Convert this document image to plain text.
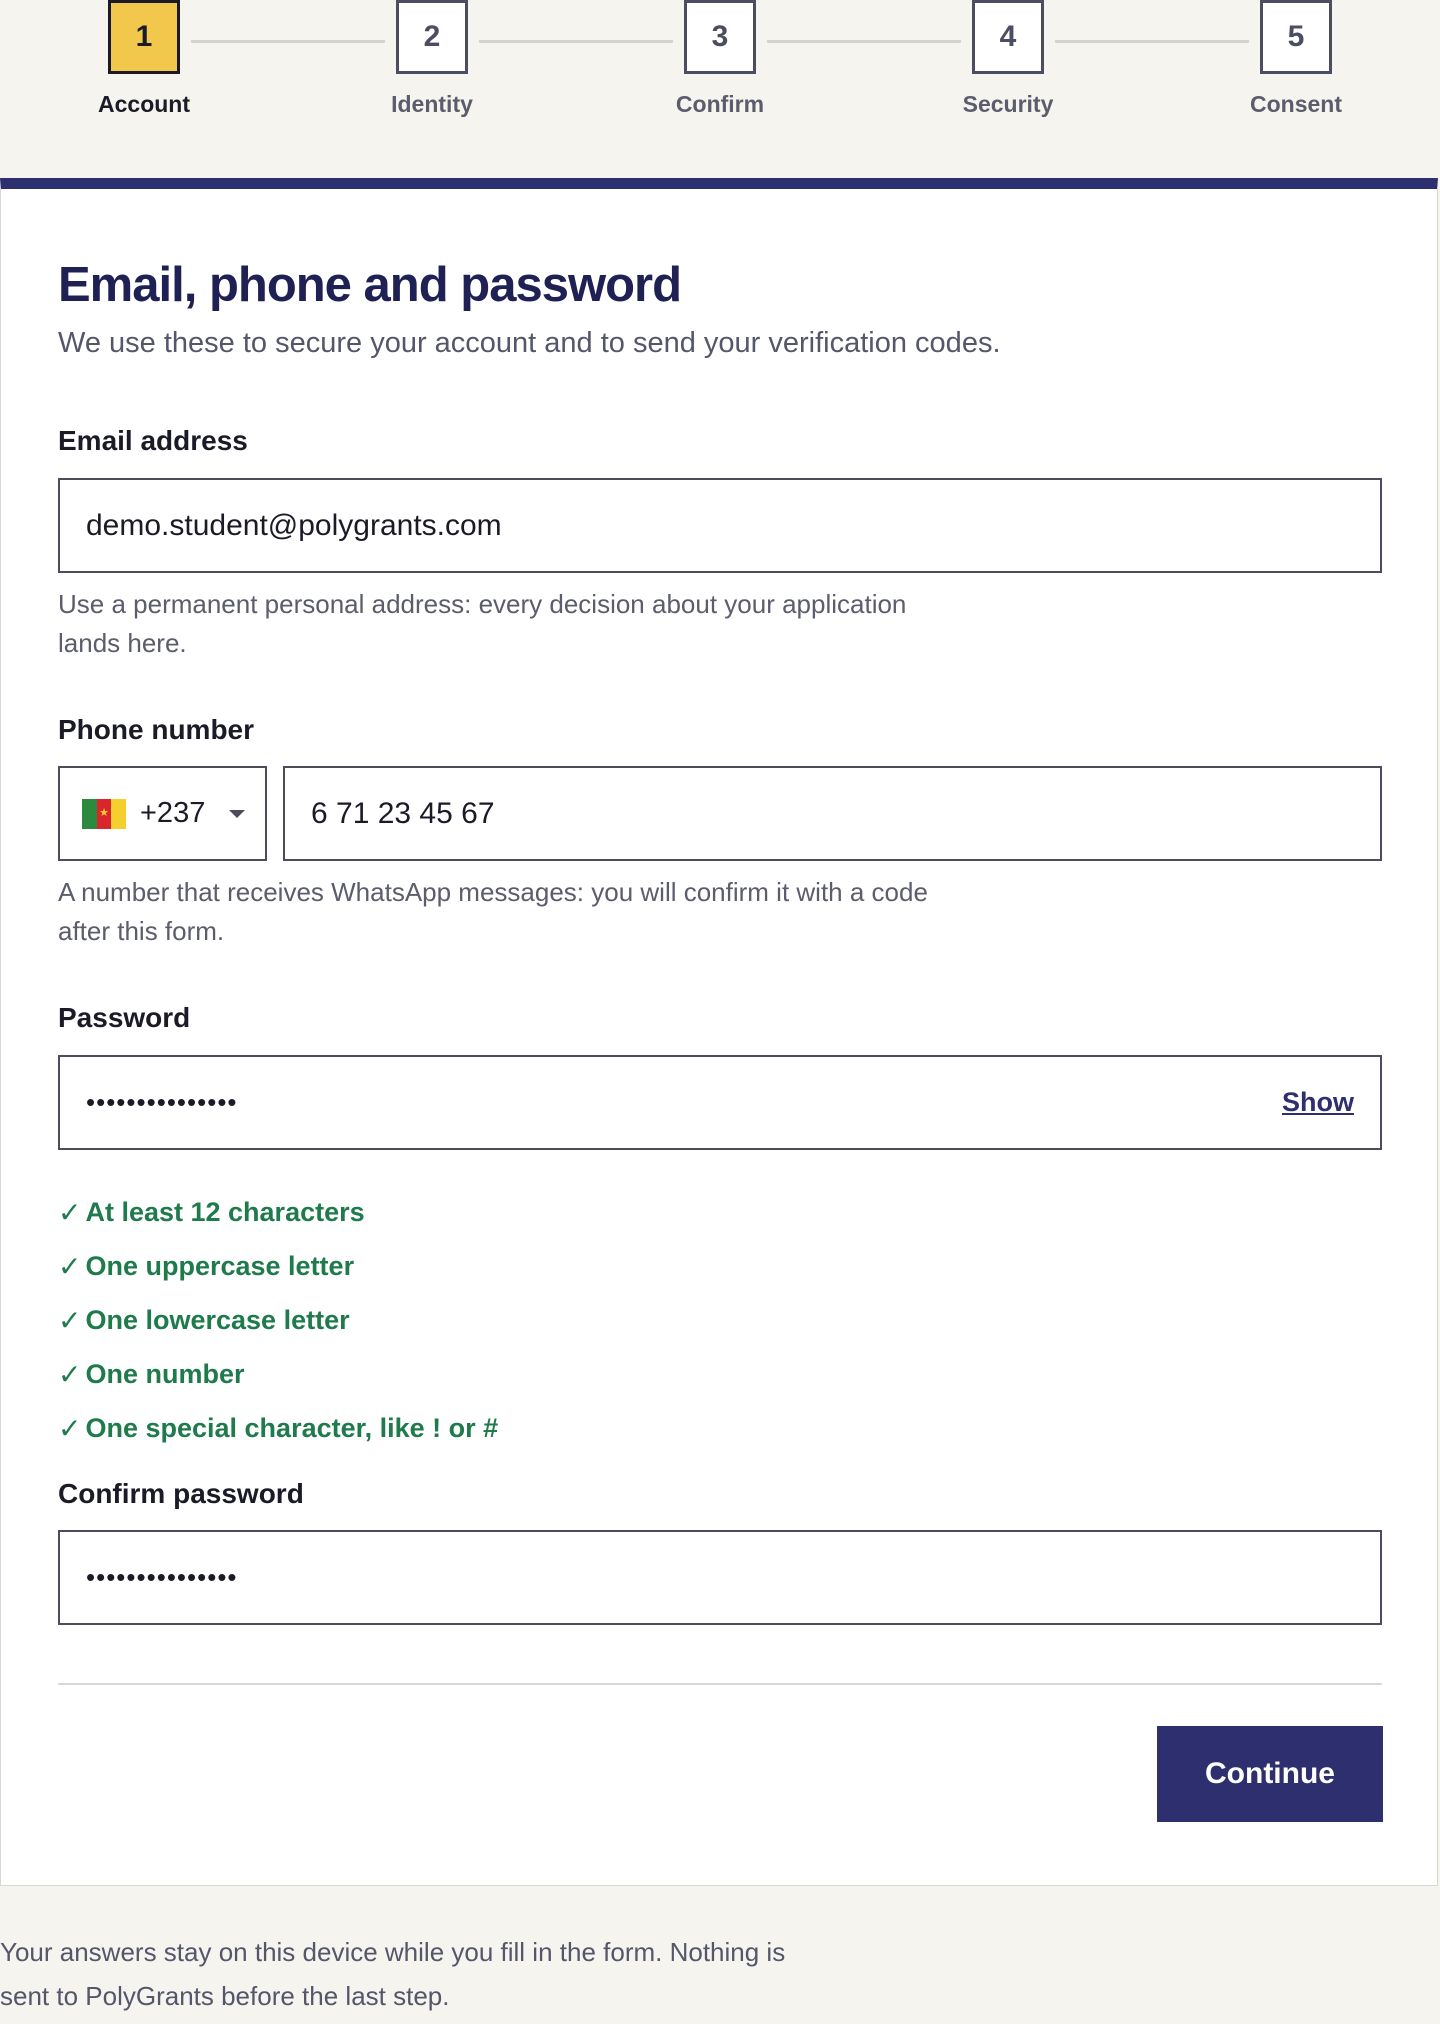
1
Account
2
Identity
3
Confirm
4
Security
5
Consent
Email, phone and password

We use these to secure your account and to send your verification codes.

Email address
demo.student@polygrants.com

Use a permanent personal address: every decision about your application lands here.

Phone number
★ +237	6 71 23 45 67

A number that receives WhatsApp messages: you will confirm it with a code after this form.

Password
•••••••••••••••	Show
✓ At least 12 characters
✓ One uppercase letter
✓ One lowercase letter
✓ One number
✓ One special character, like ! or #
Confirm password
•••••••••••••••
Continue

Your answers stay on this device while you fill in the form. Nothing is sent to PolyGrants before the last step.
